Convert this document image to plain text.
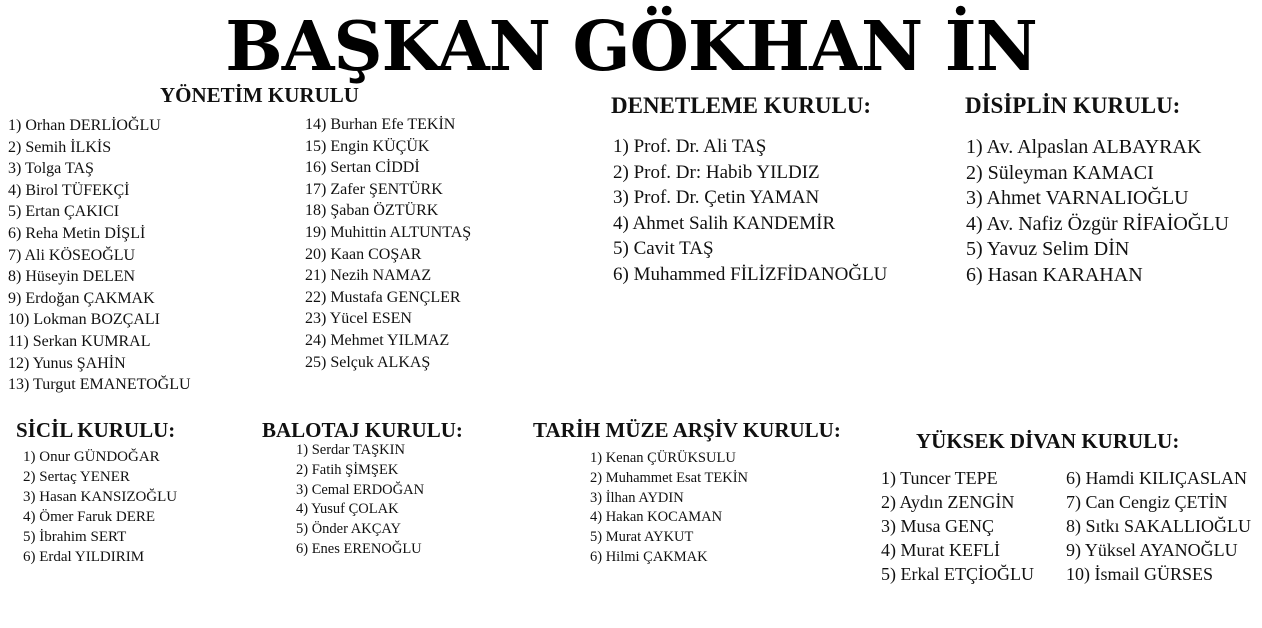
BAŞKAN GÖKHAN İN
YÖNETİM KURULU
1) Orhan DERLİOĞLU
2) Semih İLKİS
3) Tolga TAŞ
4) Birol TÜFEKÇİ
5) Ertan ÇAKICI
6) Reha Metin DİŞLİ
7) Ali KÖSEOĞLU
8) Hüseyin DELEN
9) Erdoğan ÇAKMAK
10) Lokman BOZÇALI
11) Serkan KUMRAL
12) Yunus ŞAHİN
13) Turgut EMANETOĞLU
14) Burhan Efe TEKİN
15) Engin KÜÇÜK
16) Sertan CİDDİ
17) Zafer ŞENTÜRK
18) Şaban ÖZTÜRK
19) Muhittin ALTUNTAŞ
20) Kaan COŞAR
21) Nezih NAMAZ
22) Mustafa GENÇLER
23) Yücel ESEN
24) Mehmet YILMAZ
25) Selçuk ALKAŞ
DENETLEME KURULU:
1) Prof. Dr. Ali TAŞ
2) Prof. Dr: Habib YILDIZ
3) Prof. Dr. Çetin YAMAN
4) Ahmet Salih KANDEMİR
5) Cavit TAŞ
6) Muhammed FİLİZFİDANOĞLU
DİSİPLİN KURULU:
1) Av. Alpaslan ALBAYRAK
2) Süleyman KAMACI
3) Ahmet VARNALIOĞLU
4) Av. Nafiz Özgür RİFAİOĞLU
5) Yavuz Selim DİN
6) Hasan KARAHAN
SİCİL KURULU:
1) Onur GÜNDOĞAR
2) Sertaç YENER
3) Hasan KANSIZOĞLU
4) Ömer Faruk DERE
5) İbrahim SERT
6) Erdal YILDIRIM
BALOTAJ KURULU:
1) Serdar TAŞKIN
2) Fatih ŞİMŞEK
3) Cemal ERDOĞAN
4) Yusuf ÇOLAK
5) Önder AKÇAY
6) Enes ERENOĞLU
TARİH MÜZE ARŞİV KURULU:
1) Kenan ÇÜRÜKSULU
2) Muhammet Esat TEKİN
3) İlhan AYDIN
4) Hakan KOCAMAN
5) Murat AYKUT
6) Hilmi ÇAKMAK
YÜKSEK DİVAN KURULU:
1) Tuncer TEPE
2) Aydın ZENGİN
3) Musa GENÇ
4) Murat KEFLİ
5) Erkal ETÇİOĞLU
6) Hamdi KILIÇASLAN
7) Can Cengiz ÇETİN
8) Sıtkı SAKALLIOĞLU
9) Yüksel AYANOĞLU
10) İsmail GÜRSES
